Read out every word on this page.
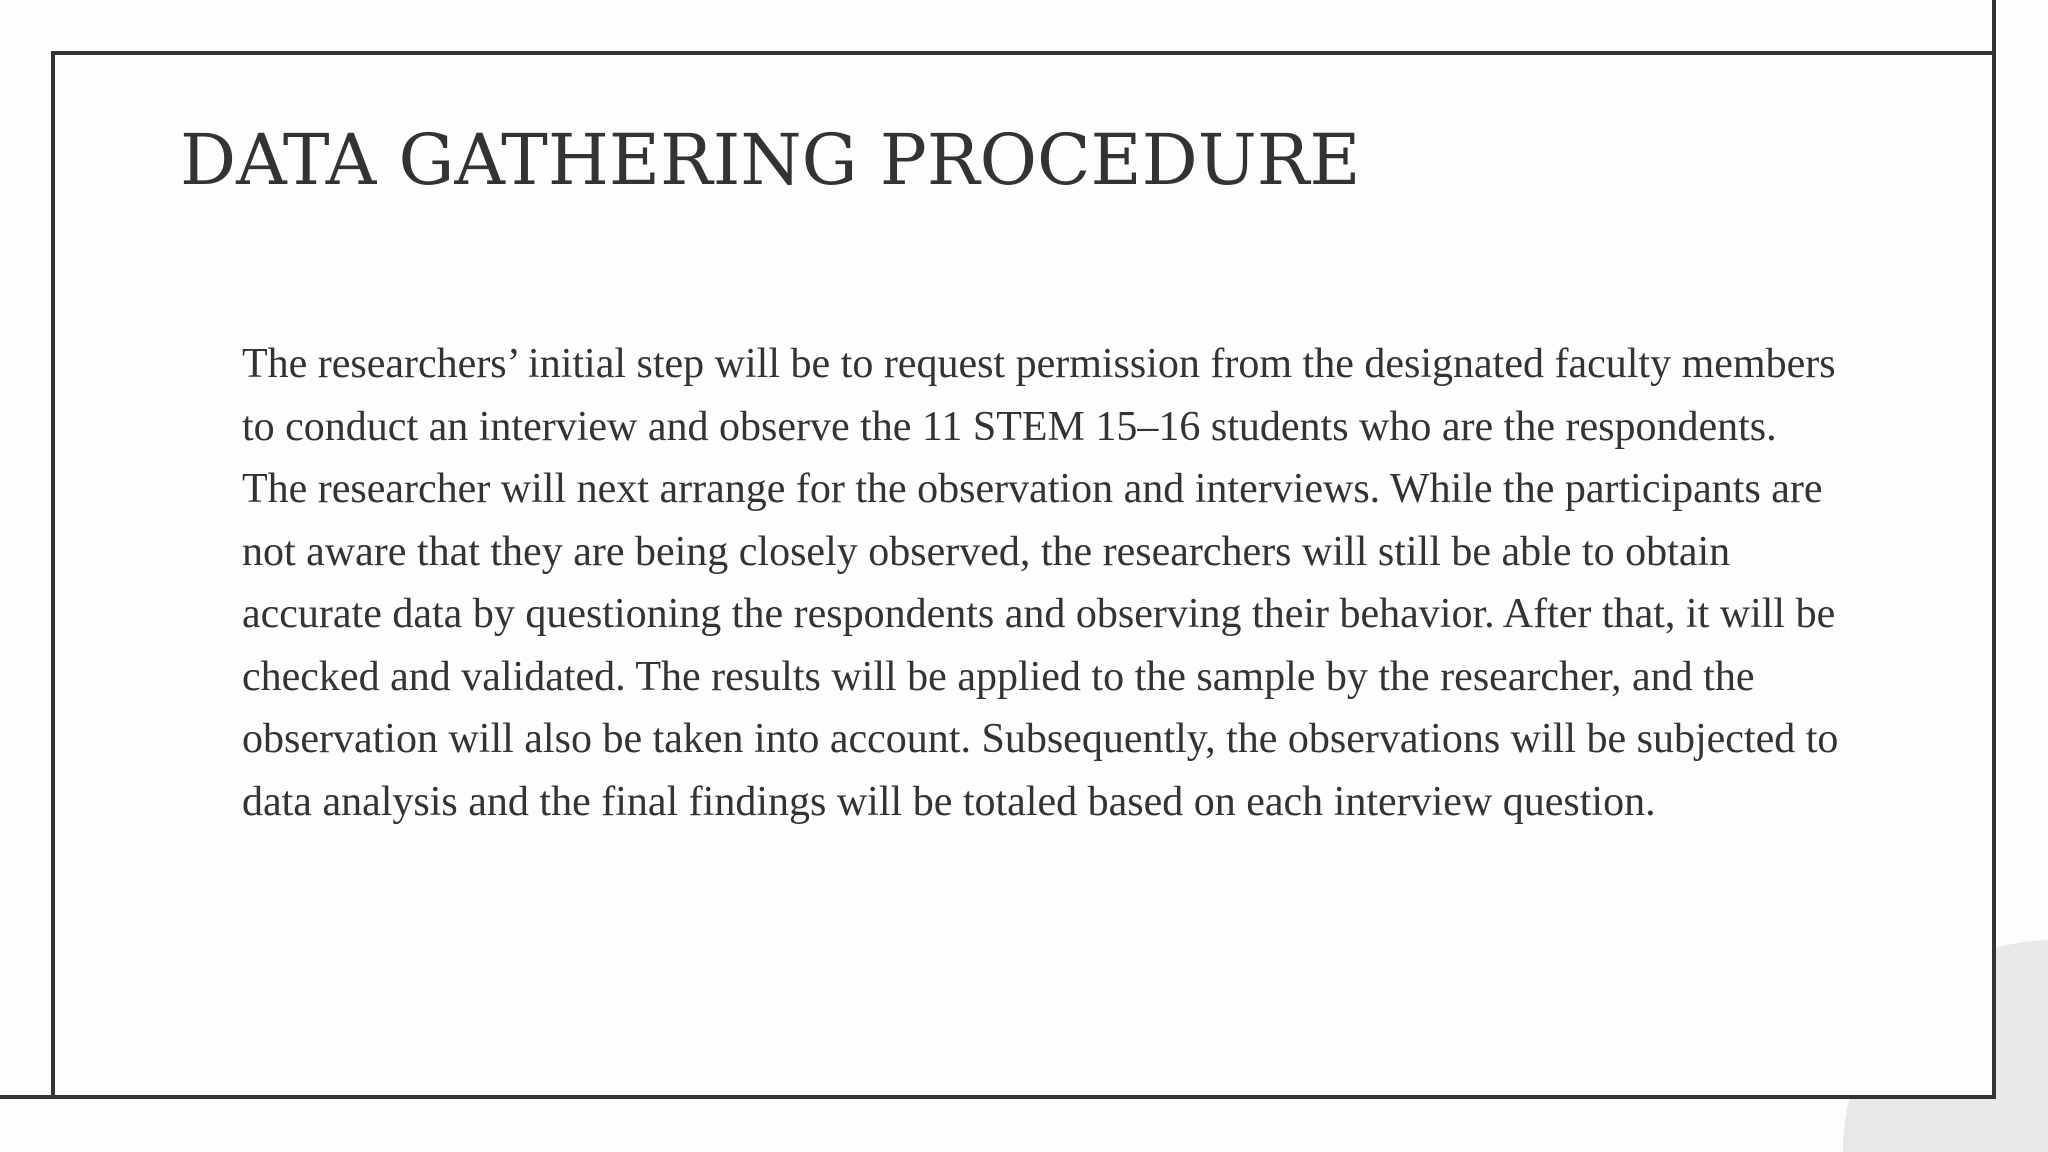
DATA GATHERING PROCEDURE

The researchers’ initial step will be to request permission from the designated faculty members to conduct an interview and observe the 11 STEM 15–16 students who are the respondents.

The researcher will next arrange for the observation and interviews. While the participants are not aware that they are being closely observed, the researchers will still be able to obtain accurate data by questioning the respondents and observing their behavior. After that, it will be checked and validated. The results will be applied to the sample by the researcher, and the observation will also be taken into account. Subsequently, the observations will be subjected to data analysis and the final findings will be totaled based on each interview question.
